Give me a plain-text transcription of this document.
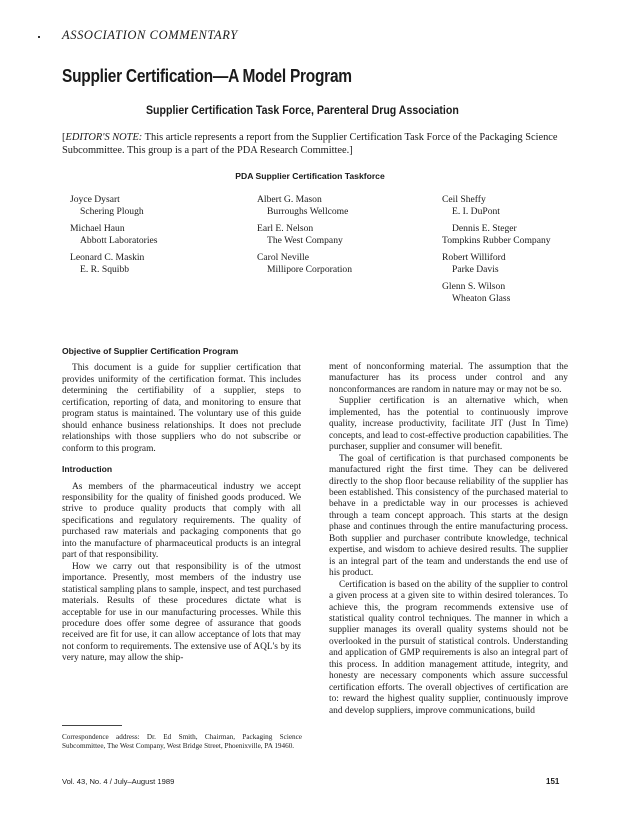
ASSOCIATION COMMENTARY
Supplier Certification—A Model Program
Supplier Certification Task Force, Parenteral Drug Association
[EDITOR'S NOTE: This article represents a report from the Supplier Certification Task Force of the Packaging Science Subcommittee. This group is a part of the PDA Research Committee.]
PDA Supplier Certification Taskforce
Joyce Dysart
Schering Plough
Michael Haun
Abbott Laboratories
Leonard C. Maskin
E. R. Squibb
Albert G. Mason
Burroughs Wellcome
Earl E. Nelson
The West Company
Carol Neville
Millipore Corporation
Ceil Sheffy
E. I. DuPont
Dennis E. Steger
Tompkins Rubber Company
Robert Williford
Parke Davis
Glenn S. Wilson
Wheaton Glass
Objective of Supplier Certification Program

This document is a guide for supplier certification that provides uniformity of the certification format. This includes determining the certifiability of a supplier, steps to certification, reporting of data, and monitoring to ensure that program status is maintained. The voluntary use of this guide should enhance business relationships. It does not preclude relationships with those suppliers who do not subscribe or conform to this program.

Introduction

As members of the pharmaceutical industry we accept responsibility for the quality of finished goods produced. We strive to produce quality products that comply with all specifications and regulatory requirements. The quality of purchased raw materials and packaging components that go into the manufacture of pharmaceutical products is an integral part of that responsibility.

How we carry out that responsibility is of the utmost importance. Presently, most members of the industry use statistical sampling plans to sample, inspect, and test purchased materials. Results of these procedures dictate what is acceptable for use in our manufacturing processes. While this procedure does offer some degree of assurance that goods received are fit for use, it can allow acceptance of lots that may not conform to requirements. The extensive use of AQL's by its very nature, may allow the ship-

ment of nonconforming material. The assumption that the manufacturer has its process under control and any nonconformances are random in nature may or may not be so.

Supplier certification is an alternative which, when implemented, has the potential to continuously improve quality, increase productivity, facilitate JIT (Just In Time) concepts, and lead to cost-effective production capabilities. The purchaser, supplier and consumer will benefit.

The goal of certification is that purchased components be manufactured right the first time. They can be delivered directly to the shop floor because reliability of the supplier has been established. This consistency of the purchased material to behave in a predictable way in our processes is achieved through a team concept approach. This starts at the design phase and continues through the entire manufacturing process. Both supplier and purchaser contribute knowledge, technical expertise, and wisdom to achieve desired results. The supplier is an integral part of the team and understands the end use of his product.

Certification is based on the ability of the supplier to control a given process at a given site to within desired tolerances. To achieve this, the program recommends extensive use of statistical quality control techniques. The manner in which a supplier manages its overall quality systems should not be overlooked in the pursuit of statistical controls. Understanding and application of GMP requirements is also an integral part of this process. In addition management attitude, integrity, and honesty are necessary components which assure successful certification efforts. The overall objectives of certification are to: reward the highest quality supplier, continuously improve and develop suppliers, improve communications, build

Correspondence address: Dr. Ed Smith, Chairman, Packaging Science Subcommittee, The West Company, West Bridge Street, Phoenixville, PA 19460.
Vol. 43, No. 4 / July–August 1989	151
